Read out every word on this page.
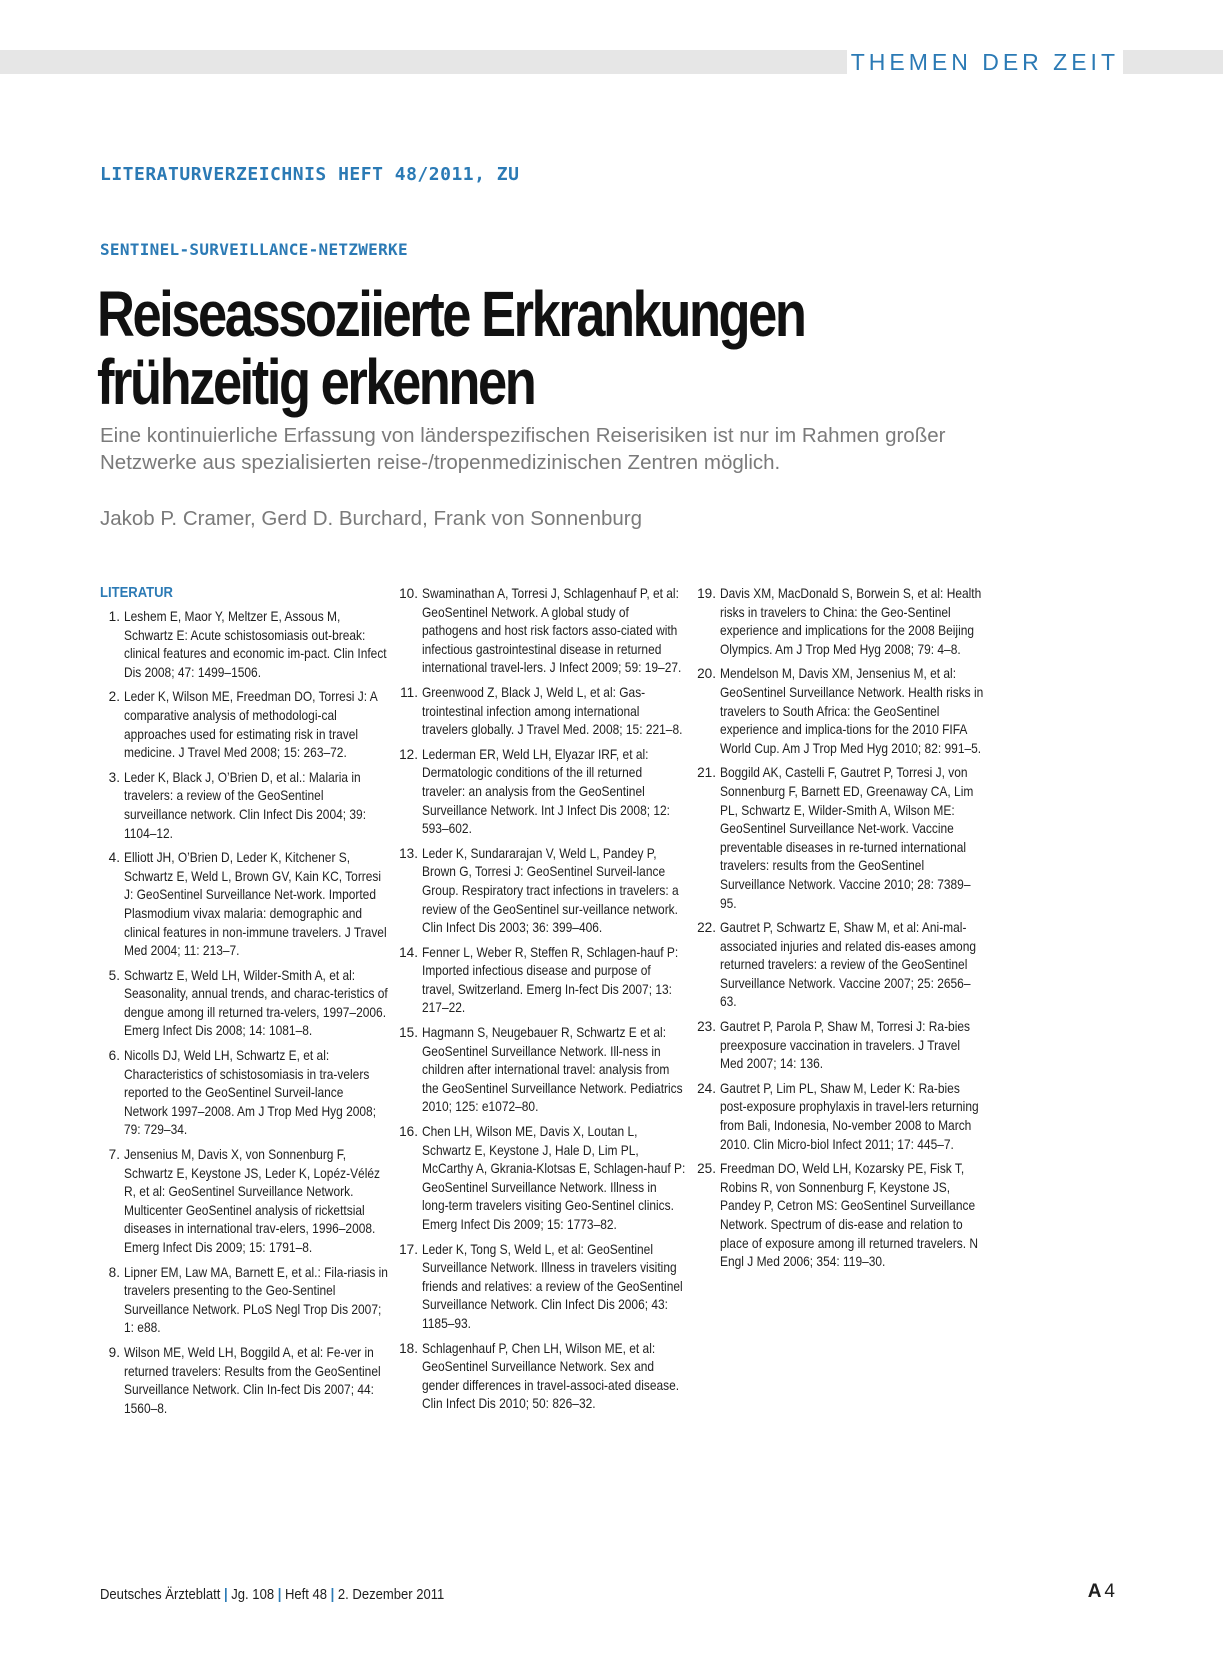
THEMEN DER ZEIT
LITERATURVERZEICHNIS HEFT 48/2011, ZU
SENTINEL-SURVEILLANCE-NETZWERKE
Reiseassoziierte Erkrankungen
frühzeitig erkennen
Eine kontinuierliche Erfassung von länderspezifischen Reiserisiken ist nur im Rahmen großer Netzwerke aus spezialisierten reise-/tropenmedizinischen Zentren möglich.
Jakob P. Cramer, Gerd D. Burchard, Frank von Sonnenburg
LITERATUR
1. Leshem E, Maor Y, Meltzer E, Assous M, Schwartz E: Acute schistosomiasis out-break: clinical features and economic im-pact. Clin Infect Dis 2008; 47: 1499–1506.
2. Leder K, Wilson ME, Freedman DO, Torresi J: A comparative analysis of methodologi-cal approaches used for estimating risk in travel medicine. J Travel Med 2008; 15: 263–72.
3. Leder K, Black J, O’Brien D, et al.: Malaria in travelers: a review of the GeoSentinel surveillance network. Clin Infect Dis 2004; 39: 1104–12.
4. Elliott JH, O’Brien D, Leder K, Kitchener S, Schwartz E, Weld L, Brown GV, Kain KC, Torresi J: GeoSentinel Surveillance Net-work. Imported Plasmodium vivax malaria: demographic and clinical features in non-immune travelers. J Travel Med 2004; 11: 213–7.
5. Schwartz E, Weld LH, Wilder-Smith A, et al: Seasonality, annual trends, and charac-teristics of dengue among ill returned tra-velers, 1997–2006. Emerg Infect Dis 2008; 14: 1081–8.
6. Nicolls DJ, Weld LH, Schwartz E, et al: Characteristics of schistosomiasis in tra-velers reported to the GeoSentinel Surveil-lance Network 1997–2008. Am J Trop Med Hyg 2008; 79: 729–34.
7. Jensenius M, Davis X, von Sonnenburg F, Schwartz E, Keystone JS, Leder K, Lopéz-Véléz R, et al: GeoSentinel Surveillance Network. Multicenter GeoSentinel analysis of rickettsial diseases in international trav-elers, 1996–2008. Emerg Infect Dis 2009; 15: 1791–8.
8. Lipner EM, Law MA, Barnett E, et al.: Fila-riasis in travelers presenting to the Geo-Sentinel Surveillance Network. PLoS Negl Trop Dis 2007; 1: e88.
9. Wilson ME, Weld LH, Boggild A, et al: Fe-ver in returned travelers: Results from the GeoSentinel Surveillance Network. Clin In-fect Dis 2007; 44: 1560–8.
10. Swaminathan A, Torresi J, Schlagenhauf P, et al: GeoSentinel Network. A global study of pathogens and host risk factors asso-ciated with infectious gastrointestinal disease in returned international travel-lers. J Infect 2009; 59: 19–27.
11. Greenwood Z, Black J, Weld L, et al: Gas-trointestinal infection among international travelers globally. J Travel Med. 2008; 15: 221–8.
12. Lederman ER, Weld LH, Elyazar IRF, et al: Dermatologic conditions of the ill returned traveler: an analysis from the GeoSentinel Surveillance Network. Int J Infect Dis 2008; 12: 593–602.
13. Leder K, Sundararajan V, Weld L, Pandey P, Brown G, Torresi J: GeoSentinel Surveil-lance Group. Respiratory tract infections in travelers: a review of the GeoSentinel sur-veillance network. Clin Infect Dis 2003; 36: 399–406.
14. Fenner L, Weber R, Steffen R, Schlagen-hauf P: Imported infectious disease and purpose of travel, Switzerland. Emerg In-fect Dis 2007; 13: 217–22.
15. Hagmann S, Neugebauer R, Schwartz E et al: GeoSentinel Surveillance Network. Ill-ness in children after international travel: analysis from the GeoSentinel Surveillance Network. Pediatrics 2010; 125: e1072–80.
16. Chen LH, Wilson ME, Davis X, Loutan L, Schwartz E, Keystone J, Hale D, Lim PL, McCarthy A, Gkrania-Klotsas E, Schlagen-hauf P: GeoSentinel Surveillance Network. Illness in long-term travelers visiting Geo-Sentinel clinics. Emerg Infect Dis 2009; 15: 1773–82.
17. Leder K, Tong S, Weld L, et al: GeoSentinel Surveillance Network. Illness in travelers visiting friends and relatives: a review of the GeoSentinel Surveillance Network. Clin Infect Dis 2006; 43: 1185–93.
18. Schlagenhauf P, Chen LH, Wilson ME, et al: GeoSentinel Surveillance Network. Sex and gender differences in travel-associ-ated disease. Clin Infect Dis 2010; 50: 826–32.
19. Davis XM, MacDonald S, Borwein S, et al: Health risks in travelers to China: the Geo-Sentinel experience and implications for the 2008 Beijing Olympics. Am J Trop Med Hyg 2008; 79: 4–8.
20. Mendelson M, Davis XM, Jensenius M, et al: GeoSentinel Surveillance Network. Health risks in travelers to South Africa: the GeoSentinel experience and implica-tions for the 2010 FIFA World Cup. Am J Trop Med Hyg 2010; 82: 991–5.
21. Boggild AK, Castelli F, Gautret P, Torresi J, von Sonnenburg F, Barnett ED, Greenaway CA, Lim PL, Schwartz E, Wilder-Smith A, Wilson ME: GeoSentinel Surveillance Net-work. Vaccine preventable diseases in re-turned international travelers: results from the GeoSentinel Surveillance Network. Vaccine 2010; 28: 7389–95.
22. Gautret P, Schwartz E, Shaw M, et al: Ani-mal-associated injuries and related dis-eases among returned travelers: a review of the GeoSentinel Surveillance Network. Vaccine 2007; 25: 2656–63.
23. Gautret P, Parola P, Shaw M, Torresi J: Ra-bies preexposure vaccination in travelers. J Travel Med 2007; 14: 136.
24. Gautret P, Lim PL, Shaw M, Leder K: Ra-bies post-exposure prophylaxis in travel-lers returning from Bali, Indonesia, No-vember 2008 to March 2010. Clin Micro-biol Infect 2011; 17: 445–7.
25. Freedman DO, Weld LH, Kozarsky PE, Fisk T, Robins R, von Sonnenburg F, Keystone JS, Pandey P, Cetron MS: GeoSentinel Surveillance Network. Spectrum of dis-ease and relation to place of exposure among ill returned travelers. N Engl J Med 2006; 354: 119–30.
Deutsches Ärzteblatt | Jg. 108 | Heft 48 | 2. Dezember 2011	A 4
